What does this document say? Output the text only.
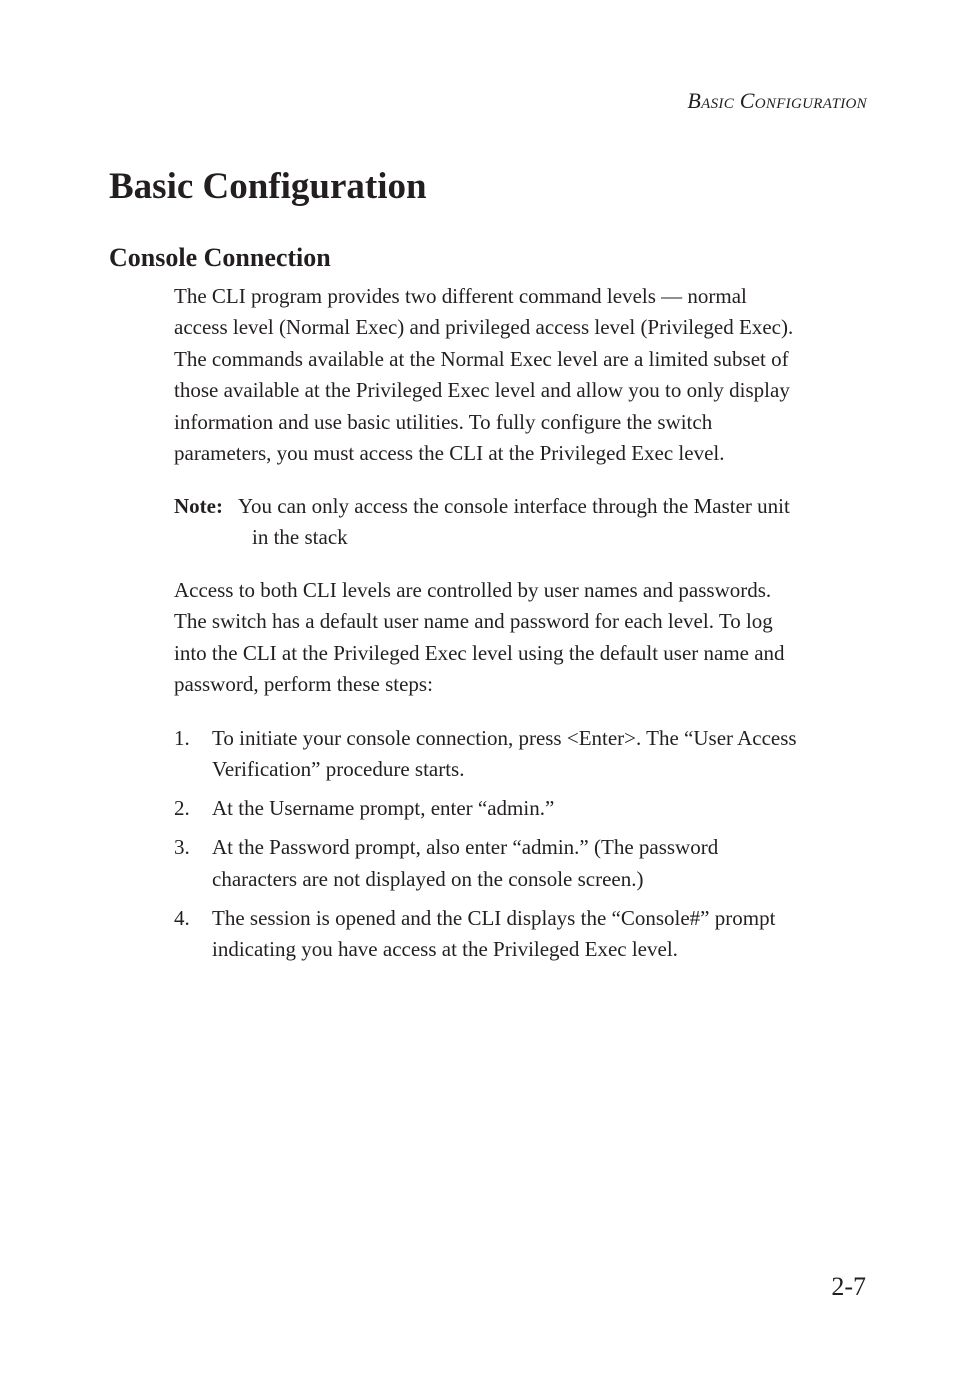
Basic Configuration
Basic Configuration
Console Connection
The CLI program provides two different command levels — normal
access level (Normal Exec) and privileged access level (Privileged Exec).
The commands available at the Normal Exec level are a limited subset of
those available at the Privileged Exec level and allow you to only display
information and use basic utilities. To fully configure the switch
parameters, you must access the CLI at the Privileged Exec level.
Note: You can only access the console interface through the Master unit
in the stack
Access to both CLI levels are controlled by user names and passwords.
The switch has a default user name and password for each level. To log
into the CLI at the Privileged Exec level using the default user name and
password, perform these steps:
1. To initiate your console connection, press <Enter>. The “User Access
Verification” procedure starts.
2. At the Username prompt, enter “admin.”
3. At the Password prompt, also enter “admin.” (The password
characters are not displayed on the console screen.)
4. The session is opened and the CLI displays the “Console#” prompt
indicating you have access at the Privileged Exec level.
2-7
